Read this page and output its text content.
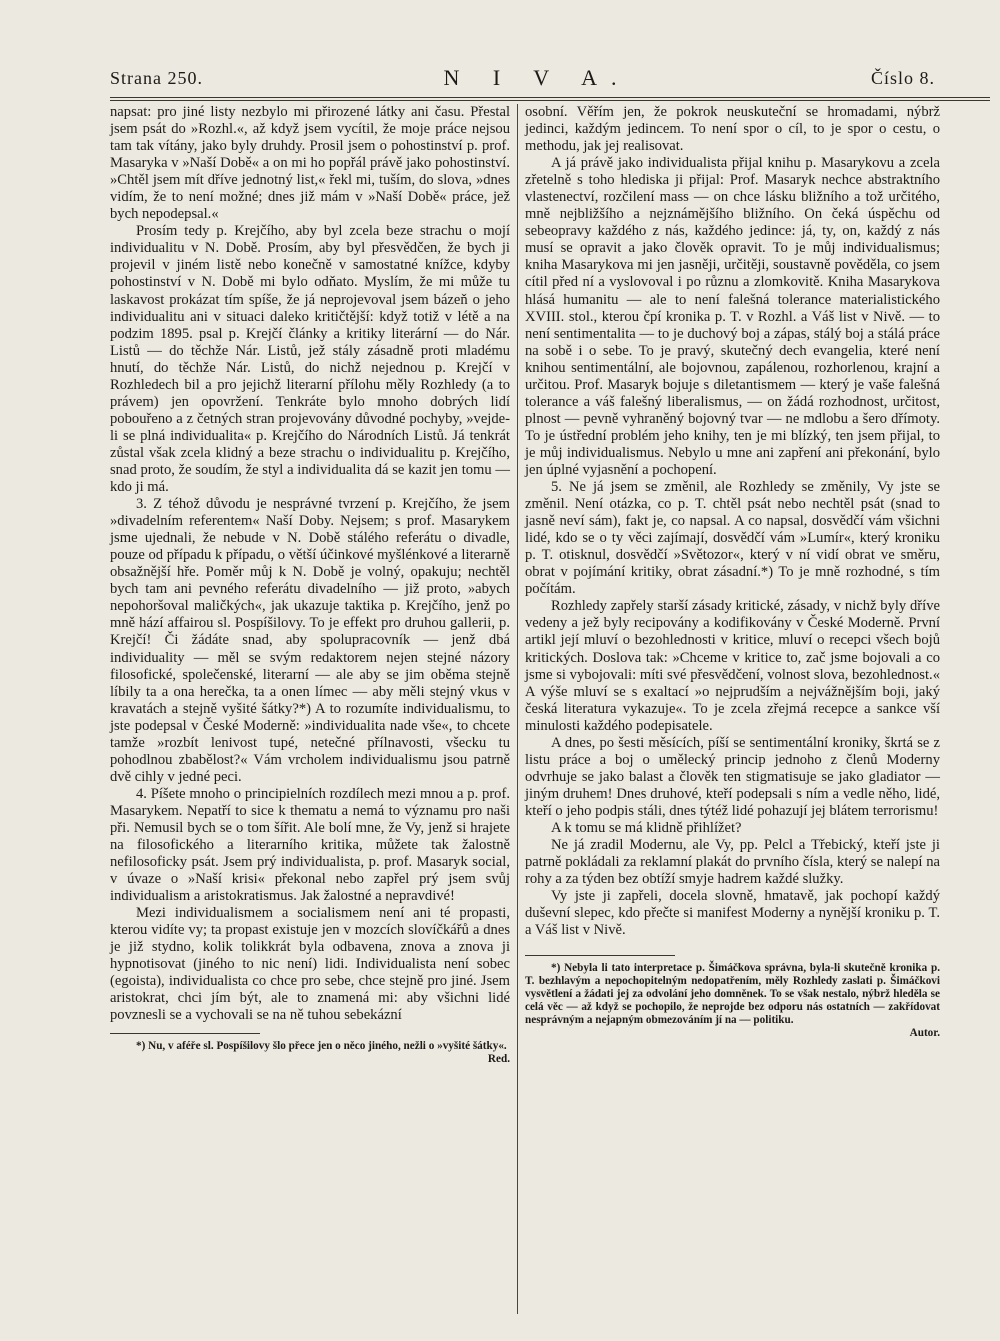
Strana 250.	N I V A.	Číslo 8.

napsat: pro jiné listy nezbylo mi přirozené látky ani času. Přestal jsem psát do »Rozhl.«, až když jsem vycítil, že moje práce nejsou tam tak vítány, jako byly druhdy. Prosil jsem o pohostinství p. prof. Masaryka v »Naší Době« a on mi ho popřál právě jako pohostinství. »Chtěl jsem mít dříve jednotný list,« řekl mi, tuším, do slova, »dnes vidím, že to není možné; dnes již mám v »Naší Době« práce, jež bych nepodepsal.«

Prosím tedy p. Krejčího, aby byl zcela beze strachu o mojí individualitu v N. Době. Prosím, aby byl přesvědčen, že bych ji projevil v jiném listě nebo konečně v samostatné knížce, kdyby pohostinství v N. Době mi bylo odňato. Myslím, že mi může tu laskavost prokázat tím spíše, že já neprojevoval jsem bázeň o jeho individualitu ani v situaci daleko kritičtější: když totiž v létě a na podzim 1895. psal p. Krejčí články a kritiky literární — do Nár. Listů — do těchže Nár. Listů, jež stály zásadně proti mladému hnutí, do těchže Nár. Listů, do nichž nejednou p. Krejčí v Rozhledech bil a pro jejichž literarní přílohu měly Rozhledy (a to právem) jen opovržení. Tenkráte bylo mnoho dobrých lidí pobouřeno a z četných stran projevovány důvodné pochyby, »vejde-li se plná individualita« p. Krejčího do Národních Listů. Já tenkrát zůstal však zcela klidný a beze strachu o individualitu p. Krejčího, snad proto, že soudím, že styl a individualita dá se kazit jen tomu — kdo ji má.

3. Z téhož důvodu je nesprávné tvrzení p. Krejčího, že jsem »divadelním referentem« Naší Doby. Nejsem; s prof. Masarykem jsme ujednali, že nebude v N. Době stálého referátu o divadle, pouze od případu k případu, o větší účinkové myšlénkové a literarně obsažnější hře. Poměr můj k N. Době je volný, opakuju; nechtěl bych tam ani pevného referátu divadelního — již proto, »abych nepohoršoval maličkých«, jak ukazuje taktika p. Krejčího, jenž po mně hází affairou sl. Pospíšilovy. To je effekt pro druhou gallerii, p. Krejčí! Či žádáte snad, aby spolupracovník — jenž dbá individuality — měl se svým redaktorem nejen stejné názory filosofické, společenské, literarní — ale aby se jim oběma stejně líbily ta a ona herečka, ta a onen límec — aby měli stejný vkus v kravatách a stejně vyšité šátky?*) A to rozumíte individualismu, to jste podepsal v České Moderně: »individualita nade vše«, to chcete tamže »rozbít lenivost tupé, netečné přílnavosti, všecku tu pohodlnou zbabělost?« Vám vrcholem individualismu jsou patrně dvě cihly v jedné peci.

4. Píšete mnoho o principielních rozdílech mezi mnou a p. prof. Masarykem. Nepatří to sice k thematu a nemá to významu pro naši při. Nemusil bych se o tom šířit. Ale bolí mne, že Vy, jenž si hrajete na filosofického a literarního kritika, můžete tak žalostně nefilosoficky psát. Jsem prý individualista, p. prof. Masaryk social, v úvaze o »Naší krisi« překonal nebo zapřel prý jsem svůj individualism a aristokratismus. Jak žalostné a nepravdivé!

Mezi individualismem a socialismem není ani té propasti, kterou vidíte vy; ta propast existuje jen v mozcích slovíčkářů a dnes je již stydno, kolik tolikkrát byla odbavena, znova a znova ji hypnotisovat (jiného to nic není) lidi. Individualista není sobec (egoista), individualista co chce pro sebe, chce stejně pro jiné. Jsem aristokrat, chci jím být, ale to znamená mi: aby všichni lidé povznesli se a vychovali se na ně tuhou sebekázní

*) Nu, v aféře sl. Pospíšilovy šlo přece jen o něco jiného, nežli o »vyšité šátky«.

Red.

osobní. Věřím jen, že pokrok neuskuteční se hromadami, nýbrž jedinci, každým jedincem. To není spor o cíl, to je spor o cestu, o methodu, jak jej realisovat.

A já právě jako individualista přijal knihu p. Masarykovu a zcela zřetelně s toho hlediska ji přijal: Prof. Masaryk nechce abstraktního vlastenectví, rozčilení mass — on chce lásku bližního a tož určitého, mně nejbližšího a nejznámějšího bližního. On čeká úspěchu od sebeopravy každého z nás, každého jedince: já, ty, on, každý z nás musí se opravit a jako člověk opravit. To je můj individualismus; kniha Masarykova mi jen jasněji, určitěji, soustavně pověděla, co jsem cítil před ní a vyslovoval i po různu a zlomkovitě. Kniha Masarykova hlásá humanitu — ale to není falešná tolerance materialistického XVIII. stol., kterou čpí kronika p. T. v Rozhl. a Váš list v Nivě. — to není sentimentalita — to je duchový boj a zápas, stálý boj a stálá práce na sobě i o sebe. To je pravý, skutečný dech evangelia, které není knihou sentimentální, ale bojovnou, zapálenou, rozhorlenou, krajní a určitou. Prof. Masaryk bojuje s diletantismem — který je vaše falešná tolerance a váš falešný liberalismus, — on žádá rozhodnost, určitost, plnost — pevně vyhraněný bojovný tvar — ne mdlobu a šero dřímoty. To je ústřední problém jeho knihy, ten je mi blízký, ten jsem přijal, to je můj individualismus. Nebylo u mne ani zapření ani překonání, bylo jen úplné vyjasnění a pochopení.

5. Ne já jsem se změnil, ale Rozhledy se změnily, Vy jste se změnil. Není otázka, co p. T. chtěl psát nebo nechtěl psát (snad to jasně neví sám), fakt je, co napsal. A co napsal, dosvědčí vám všichni lidé, kdo se o ty věci zajímají, dosvědčí vám »Lumír«, který kroniku p. T. otisknul, dosvědčí »Světozor«, který v ní vidí obrat ve směru, obrat v pojímání kritiky, obrat zásadní.*) To je mně rozhodné, s tím počítám.

Rozhledy zapřely starší zásady kritické, zásady, v nichž byly dříve vedeny a jež byly recipovány a kodifikovány v České Moderně. První artikl její mluví o bezohlednosti v kritice, mluví o recepci všech bojů kritických. Doslova tak: »Chceme v kritice to, zač jsme bojovali a co jsme si vybojovali: míti své přesvědčení, volnost slova, bezohlednost.« A výše mluví se s exaltací »o nejprudším a nejvážnějším boji, jaký česká literatura vykazuje«. To je zcela zřejmá recepce a sankce vší minulosti každého podepisatele.

A dnes, po šesti měsících, píší se sentimentální kroniky, škrtá se z listu práce a boj o umělecký princip jednoho z členů Moderny odvrhuje se jako balast a člověk ten stigmatisuje se jako gladiator — jiným druhem! Dnes druhové, kteří podepsali s ním a vedle něho, lidé, kteří o jeho podpis stáli, dnes týtéž lidé pohazují jej blátem terrorismu!

A k tomu se má klidně přihlížet?

Ne já zradil Modernu, ale Vy, pp. Pelcl a Třebický, kteří jste ji patrně pokládali za reklamní plakát do prvního čísla, který se nalepí na rohy a za týden bez obtíží smyje hadrem každé služky.

Vy jste ji zapřeli, docela slovně, hmatavě, jak pochopí každý duševní slepec, kdo přečte si manifest Moderny a nynější kroniku p. T. a Váš list v Nivě.

*) Nebyla li tato interpretace p. Šimáčkova správna, byla-li skutečně kronika p. T. bezhlavým a nepochopitelným nedopatřením, měly Rozhledy zaslati p. Šimáčkovi vysvětlení a žádati jej za odvolání jeho domněnek. To se však nestalo, nýbrž hleděla se celá věc — až když se pochopilo, že neprojde bez odporu nás ostatních — zakřídovat nesprávným a nejapným obmezováním jí na — politiku.

Autor.
